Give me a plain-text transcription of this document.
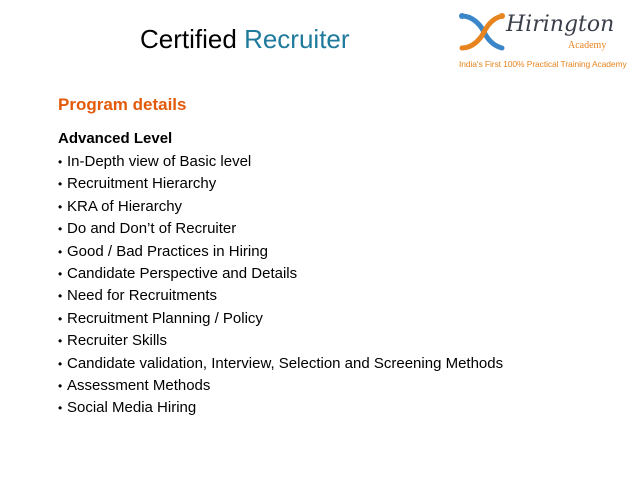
Certified Recruiter	Hirington
Academy
India's First 100% Practical Training Academy
Program details
Advanced Level
• In-Depth view of Basic level
• Recruitment Hierarchy
• KRA of Hierarchy
• Do and Don’t of Recruiter
• Good / Bad Practices in Hiring
• Candidate Perspective and Details
• Need for Recruitments
• Recruitment Planning / Policy
• Recruiter Skills
• Candidate validation, Interview, Selection and Screening Methods
• Assessment Methods
• Social Media Hiring
